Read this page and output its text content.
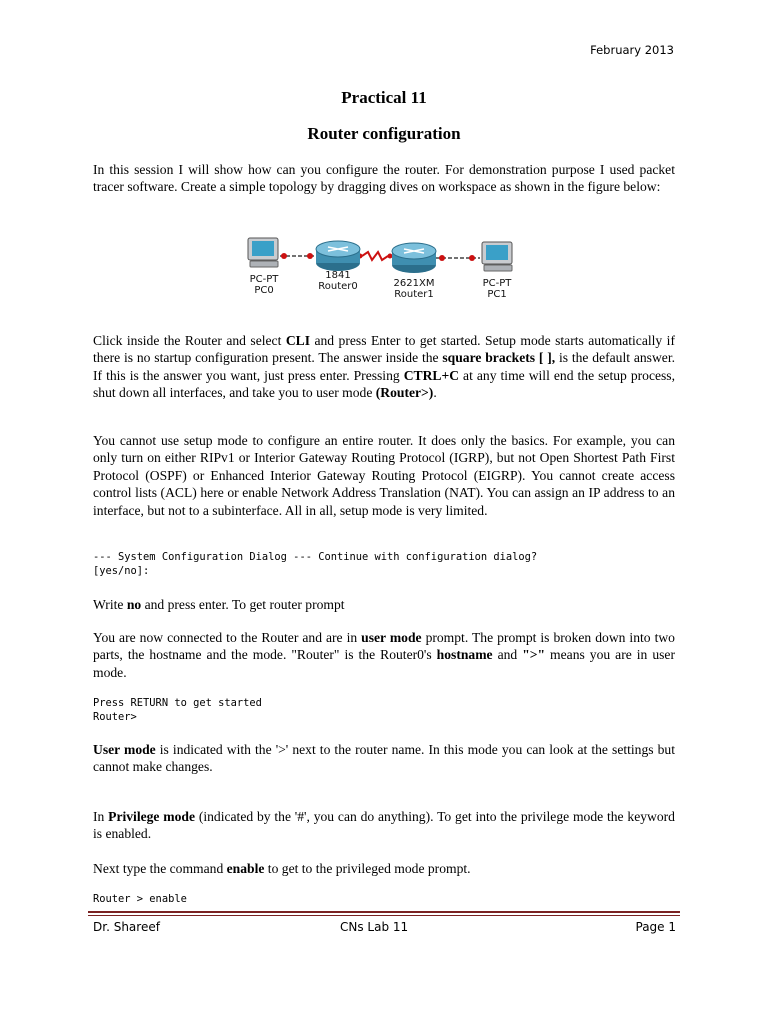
February 2013
Practical 11
Router configuration
In this session I will show how can you configure the router. For demonstration purpose I used packet tracer software. Create a simple topology by dragging dives on workspace as shown in the figure below:
PC-PT
PC0
1841
Router0	2621XM
Router1
PC-PT
PC1
Click inside the Router and select CLI and press Enter to get started. Setup mode starts automatically if there is no startup configuration present. The answer inside the square brackets [ ], is the default answer. If this is the answer you want, just press enter. Pressing CTRL+C at any time will end the setup process, shut down all interfaces, and take you to user mode (Router>).
You cannot use setup mode to configure an entire router. It does only the basics. For example, you can only turn on either RIPv1 or Interior Gateway Routing Protocol (IGRP), but not Open Shortest Path First Protocol (OSPF) or Enhanced Interior Gateway Routing Protocol (EIGRP). You cannot create access control lists (ACL) here or enable Network Address Translation (NAT). You can assign an IP address to an interface, but not to a subinterface. All in all, setup mode is very limited.
--- System Configuration Dialog --- Continue with configuration dialog?
[yes/no]:
Write no and press enter. To get router prompt
You are now connected to the Router and are in user mode prompt. The prompt is broken down into two parts, the hostname and the mode. "Router" is the Router0's hostname and ">" means you are in user mode.
Press RETURN to get started
Router>
User mode is indicated with the '>' next to the router name. In this mode you can look at the settings but cannot make changes.
In Privilege mode (indicated by the '#', you can do anything). To get into the privilege mode the keyword is enabled.
Next type the command enable to get to the privileged mode prompt.
Router > enable
Dr. Shareef	CNs Lab 11	Page 1
